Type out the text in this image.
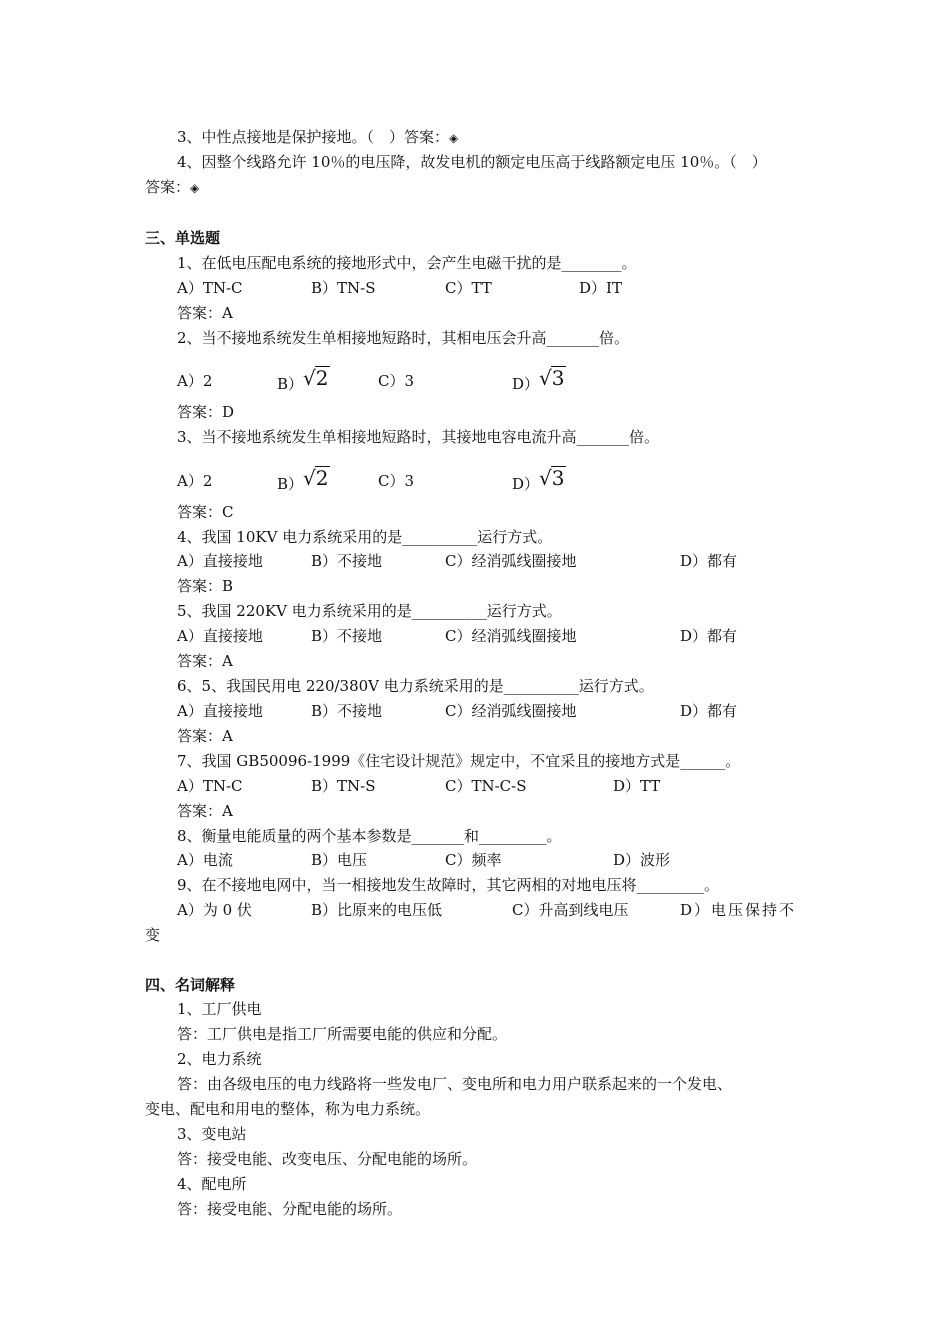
3、中性点接地是保护接地。（　）答案：◈
4、因整个线路允许 10％的电压降，故发电机的额定电压高于线路额定电压 10％。（　）
答案：◈
三、单选题
1、在低电压配电系统的接地形式中，会产生电磁干扰的是________。
A）TN-C	B）TN-S	C）TT	D）IT
答案：A
2、当不接地系统发生单相接地短路时，其相电压会升高_______倍。
A）2	B）√2	C）3	D）√3
答案：D
3、当不接地系统发生单相接地短路时，其接地电容电流升高_______倍。
A）2	B）√2	C）3	D）√3
答案：C
4、我国 10KV 电力系统采用的是__________运行方式。
A）直接接地	B）不接地	C）经消弧线圈接地	D）都有
答案：B
5、我国 220KV 电力系统采用的是__________运行方式。
A）直接接地	B）不接地	C）经消弧线圈接地	D）都有
答案：A
6、5、我国民用电 220/380V 电力系统采用的是__________运行方式。
A）直接接地	B）不接地	C）经消弧线圈接地	D）都有
答案：A
7、我国 GB50096-1999《住宅设计规范》规定中，不宜采且的接地方式是______。
A）TN-C	B）TN-S	C）TN-C-S	D）TT
答案：A
8、衡量电能质量的两个基本参数是_______和_________。
A）电流	B）电压	C）频率	D）波形
9、在不接地电网中，当一相接地发生故障时，其它两相的对地电压将_________。
A）为 0 伏	B）比原来的电压低	C）升高到线电压	D）电压保持不
变
四、名词解释
1、工厂供电
答：工厂供电是指工厂所需要电能的供应和分配。
2、电力系统
答：由各级电压的电力线路将一些发电厂、变电所和电力用户联系起来的一个发电、
变电、配电和用电的整体，称为电力系统。
3、变电站
答：接受电能、改变电压、分配电能的场所。
4、配电所
答：接受电能、分配电能的场所。
